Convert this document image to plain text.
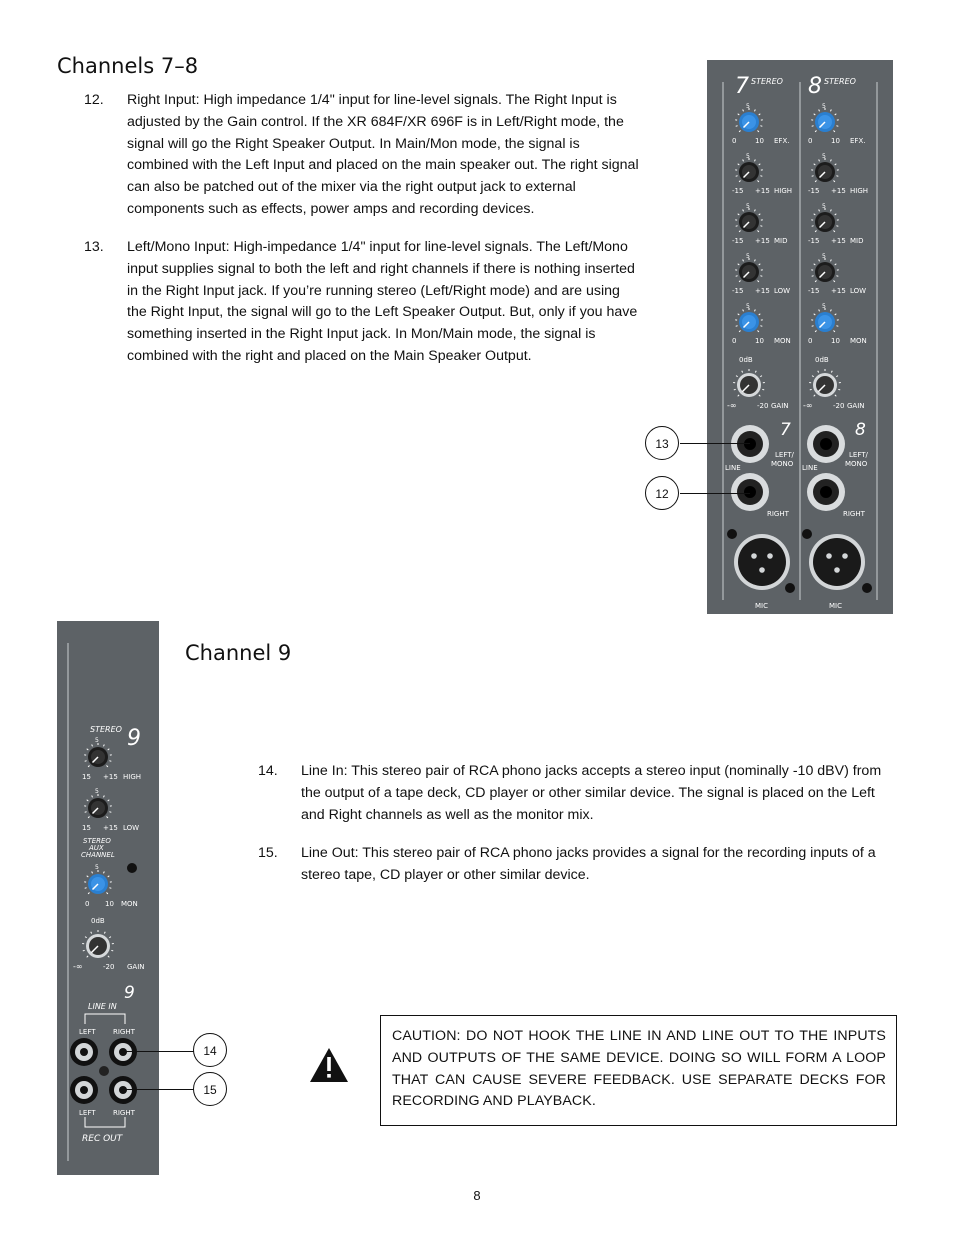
Channels 7–8
12. Right Input: High impedance 1/4" input for line-level signals. The Right Input is adjusted by the Gain control. If the XR 684F/XR 696F is in Left/Right mode, the signal will go the Right Speaker Output. In Main/Mon mode, the signal is combined with the Left Input and placed on the main speaker out. The right signal can also be patched out of the mixer via the right output jack to external components such as effects, power amps and recording devices.
13. Left/Mono Input: High-impedance 1/4" input for line-level signals. The Left/Mono input supplies signal to both the left and right channels if there is nothing inserted in the Right Input jack. If you’re running stereo (Left/Right mode) and are using the Right Input, the signal will go to the Left Speaker Output. But, only if you have something inserted in the Right Input jack. In Mon/Main mode, the signal is combined with the right and placed on the Main Speaker Output.
7 STEREO 8 STEREO
5
0	10 EFX.
5
-15 +15 HIGH
5
-15 +15 MID
5
-15 +15 LOW
5
0	10 MON
0dB
-∞	-20 GAIN
5
0	10 EFX.
5
-15 +15 HIGH
5
-15 +15 MID
5
-15 +15 LOW
5
0	10 MON
0dB
-∞	-20 GAIN
7	8
LEFT/
MONO
LEFT/
MONO
LINE	LINE
RIGHT	RIGHT
MIC	MIC
13
12
STEREO 9
5
15 +15 HIGH
5
15 +15 LOW
5
0 10 MON
0dB
-∞	-20 GAIN
STEREO
AUX
CHANNEL
9
LINE IN
LEFT RIGHT
LEFT RIGHT
REC OUT
Channel 9
14. Line In: This stereo pair of RCA phono jacks accepts a stereo input (nominally -10 dBV) from the output of a tape deck, CD player or other similar device. The signal is placed on the Left and Right channels as well as the monitor mix.
15. Line Out: This stereo pair of RCA phono jacks provides a signal for the recording inputs of a stereo tape, CD player or other similar device.
14
15
CAUTION: DO NOT HOOK THE LINE IN AND LINE OUT TO THE INPUTS AND OUTPUTS OF THE SAME DEVICE. DOING SO WILL FORM A LOOP THAT CAN CAUSE SEVERE FEEDBACK. USE SEPARATE DECKS FOR RECORDING AND PLAYBACK.
8
